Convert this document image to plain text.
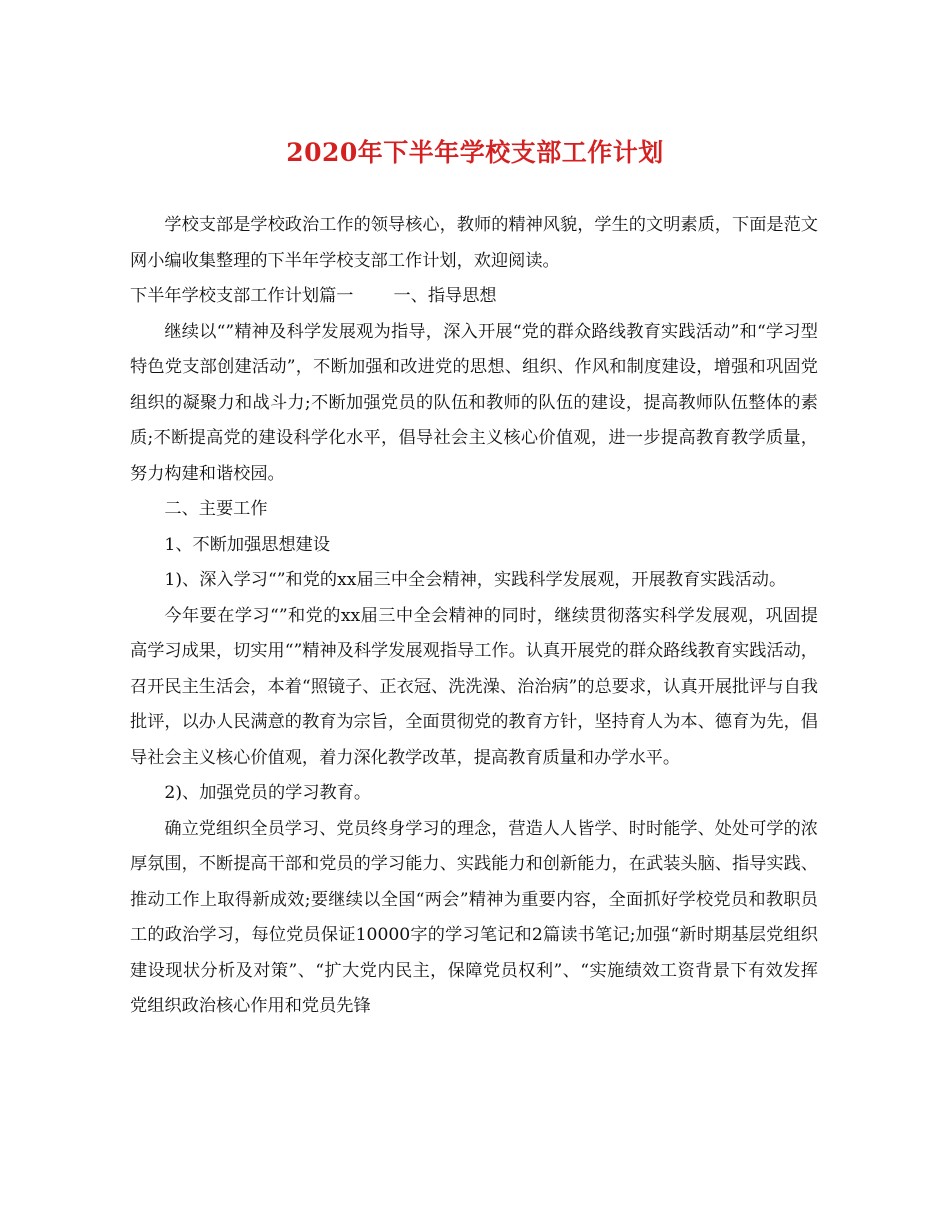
2020年下半年学校支部工作计划

学校支部是学校政治工作的领导核心，教师的精神风貌，学生的文明素质，下面是范文网小编收集整理的下半年学校支部工作计划，欢迎阅读。

下半年学校支部工作计划篇一 一、指导思想

继续以“”精神及科学发展观为指导，深入开展“党的群众路线教育实践活动”和“学习型特色党支部创建活动”，不断加强和改进党的思想、组织、作风和制度建设，增强和巩固党组织的凝聚力和战斗力;不断加强党员的队伍和教师的队伍的建设，提高教师队伍整体的素质;不断提高党的建设科学化水平，倡导社会主义核心价值观，进一步提高教育教学质量，努力构建和谐校园。

二、主要工作

1、不断加强思想建设

1)、深入学习“”和党的xx届三中全会精神，实践科学发展观，开展教育实践活动。

今年要在学习“”和党的xx届三中全会精神的同时，继续贯彻落实科学发展观，巩固提高学习成果，切实用“”精神及科学发展观指导工作。认真开展党的群众路线教育实践活动，召开民主生活会，本着“照镜子、正衣冠、洗洗澡、治治病”的总要求，认真开展批评与自我批评，以办人民满意的教育为宗旨，全面贯彻党的教育方针，坚持育人为本、德育为先，倡导社会主义核心价值观，着力深化教学改革，提高教育质量和办学水平。

2)、加强党员的学习教育。

确立党组织全员学习、党员终身学习的理念，营造人人皆学、时时能学、处处可学的浓厚氛围，不断提高干部和党员的学习能力、实践能力和创新能力，在武装头脑、指导实践、推动工作上取得新成效;要继续以全国“两会”精神为重要内容，全面抓好学校党员和教职员工的政治学习，每位党员保证10000字的学习笔记和2篇读书笔记;加强“新时期基层党组织建设现状分析及对策”、“扩大党内民主，保障党员权利”、“实施绩效工资背景下有效发挥党组织政治核心作用和党员先锋
